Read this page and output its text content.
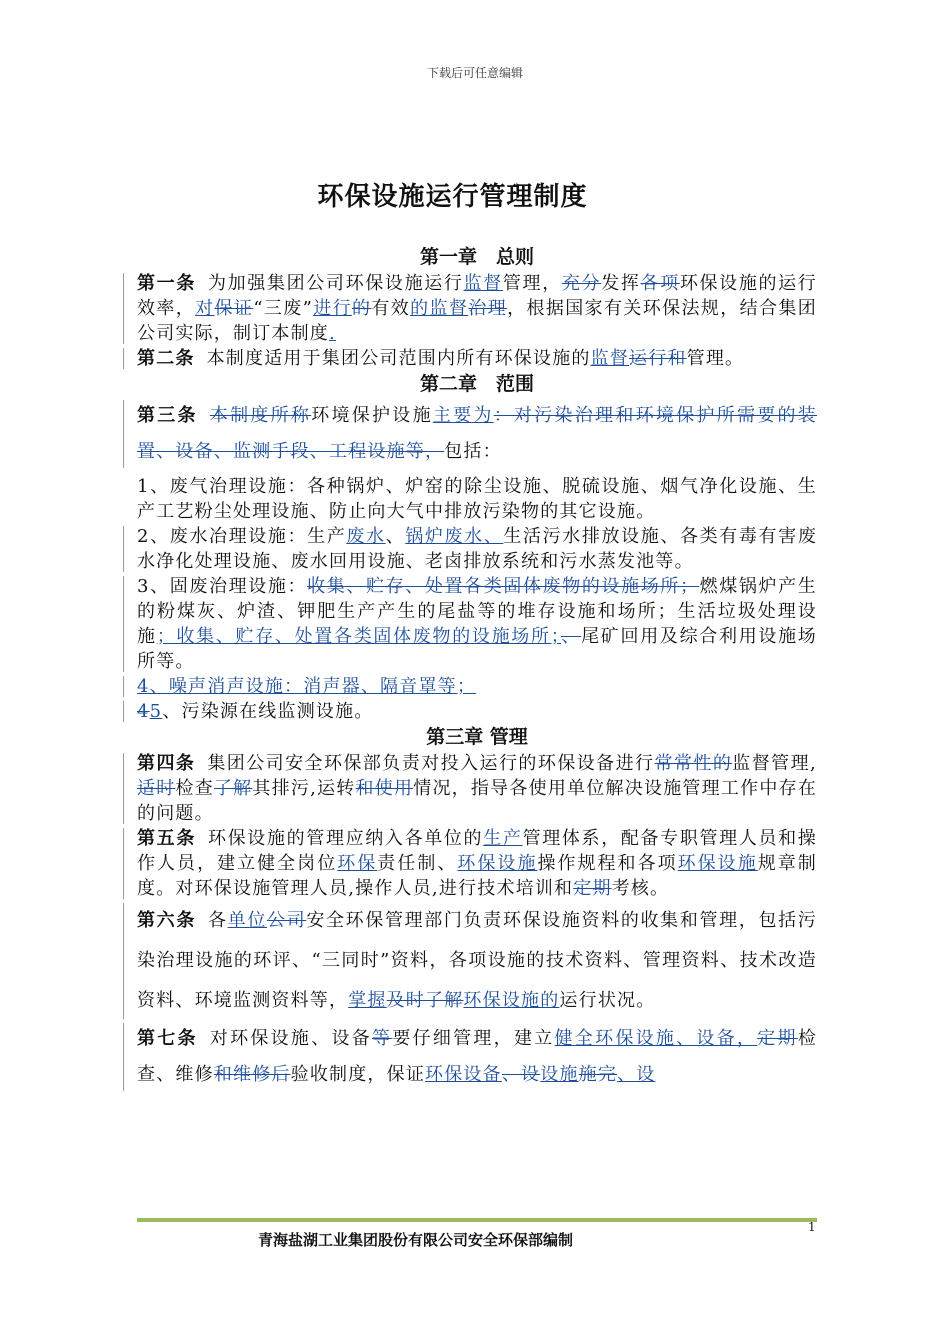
下载后可任意编辑
环保设施运行管理制度
第一章　总则

第一条 为加强集团公司环保设施运行监督管理，充分发挥各项环保设施的运行效率，对保证“三废”进行的有效的监督治理，根据国家有关环保法规，结合集团公司实际，制订本制度.

第二条 本制度适用于集团公司范围内所有环保设施的监督运行和管理。

第二章　范围

第三条 本制度所称环境保护设施主要为：对污染治理和环境保护所需要的装置、设备、监测手段、工程设施等，包括：

1、废气治理设施：各种锅炉、炉窑的除尘设施、脱硫设施、烟气净化设施、生产工艺粉尘处理设施、防止向大气中排放污染物的其它设施。

2、废水冶理设施：生产废水、锅炉废水、生活污水排放设施、各类有毒有害废水净化处理设施、废水回用设施、老卤排放系统和污水蒸发池等。

3、固废治理设施：收集、贮存、处置各类固体废物的设施场所；燃煤锅炉产生的粉煤灰、炉渣、钾肥生产产生的尾盐等的堆存设施和场所；生活垃圾处理设施；收集、贮存、处置各类固体废物的设施场所；、尾矿回用及综合利用设施场所等。

4、噪声消声设施：消声器、隔音罩等；

45、污染源在线监测设施。

第三章 管理

第四条 集团公司安全环保部负责对投入运行的环保设备进行常常性的监督管理,适时检查了解其排污,运转和使用情况，指导各使用单位解决设施管理工作中存在的问题。

第五条 环保设施的管理应纳入各单位的生产管理体系，配备专职管理人员和操作人员，建立健全岗位环保责任制、环保设施操作规程和各项环保设施规章制度。对环保设施管理人员,操作人员,进行技术培训和定期考核。

第六条 各单位公司安全环保管理部门负责环保设施资料的收集和管理，包括污染治理设施的环评、“三同时”资料，各项设施的技术资料、管理资料、技术改造资料、环境监测资料等，掌握及时了解环保设施的运行状况。

第七条 对环保设施、设备等要仔细管理，建立健全环保设施、设备，定期检查、维修和维修后验收制度，保证环保设备、设设施施完、设

1
青海盐湖工业集团股份有限公司安全环保部编制
